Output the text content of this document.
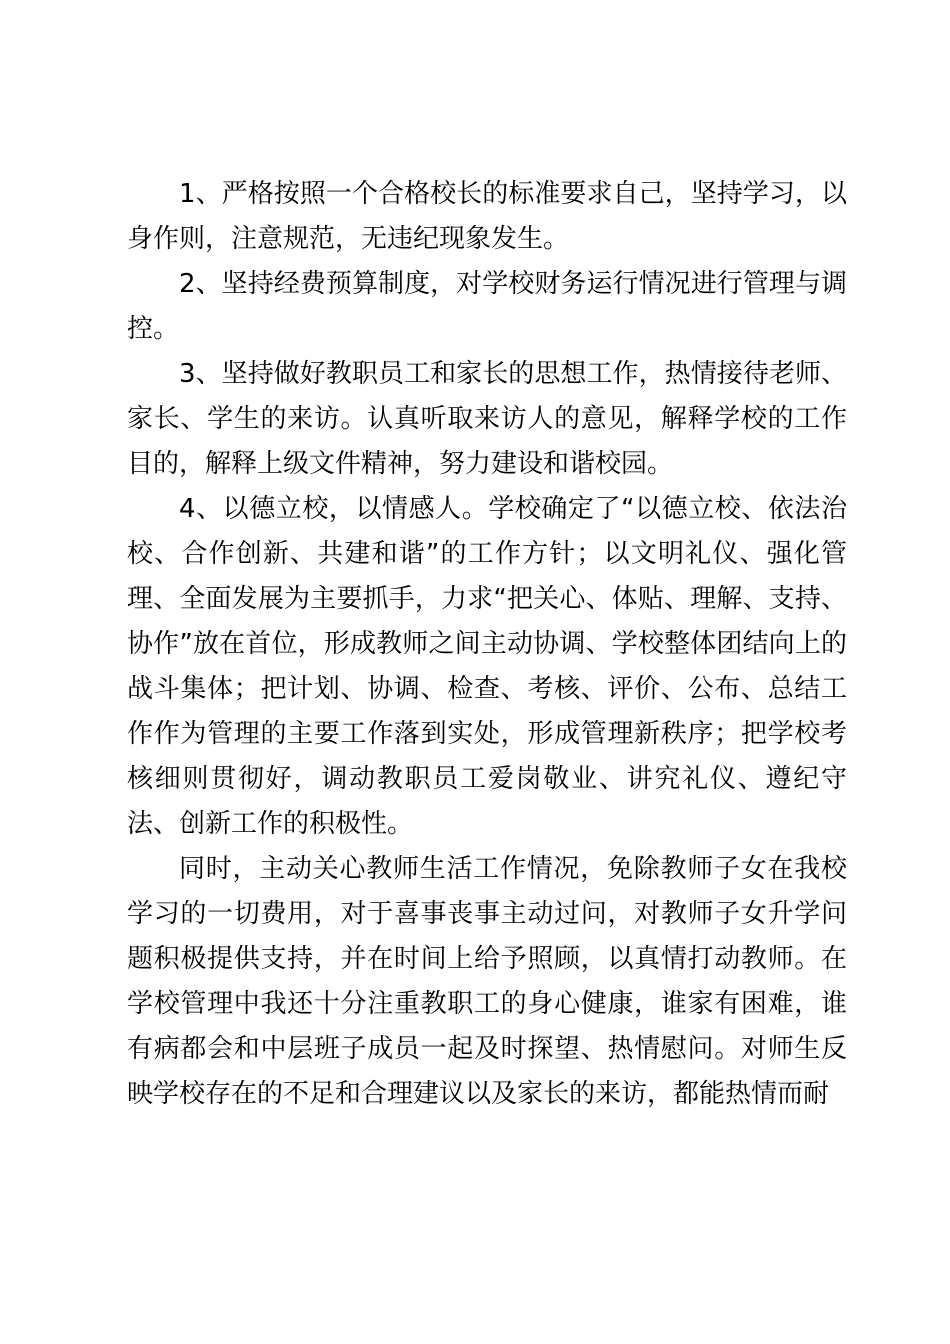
1、严格按照一个合格校长的标准要求自己，坚持学习，以身作则，注意规范，无违纪现象发生。

2、坚持经费预算制度，对学校财务运行情况进行管理与调控。

3、坚持做好教职员工和家长的思想工作，热情接待老师、家长、学生的来访。认真听取来访人的意见，解释学校的工作目的，解释上级文件精神，努力建设和谐校园。

4、以德立校，以情感人。学校确定了“以德立校、依法治校、合作创新、共建和谐”的工作方针；以文明礼仪、强化管理、全面发展为主要抓手，力求“把关心、体贴、理解、支持、协作”放在首位，形成教师之间主动协调、学校整体团结向上的战斗集体；把计划、协调、检查、考核、评价、公布、总结工作作为管理的主要工作落到实处，形成管理新秩序；把学校考核细则贯彻好，调动教职员工爱岗敬业、讲究礼仪、遵纪守法、创新工作的积极性。

同时，主动关心教师生活工作情况，免除教师子女在我校学习的一切费用，对于喜事丧事主动过问，对教师子女升学问题积极提供支持，并在时间上给予照顾，以真情打动教师。在学校管理中我还十分注重教职工的身心健康，谁家有困难，谁有病都会和中层班子成员一起及时探望、热情慰问。对师生反映学校存在的不足和合理建议以及家长的来访，都能热情而耐
